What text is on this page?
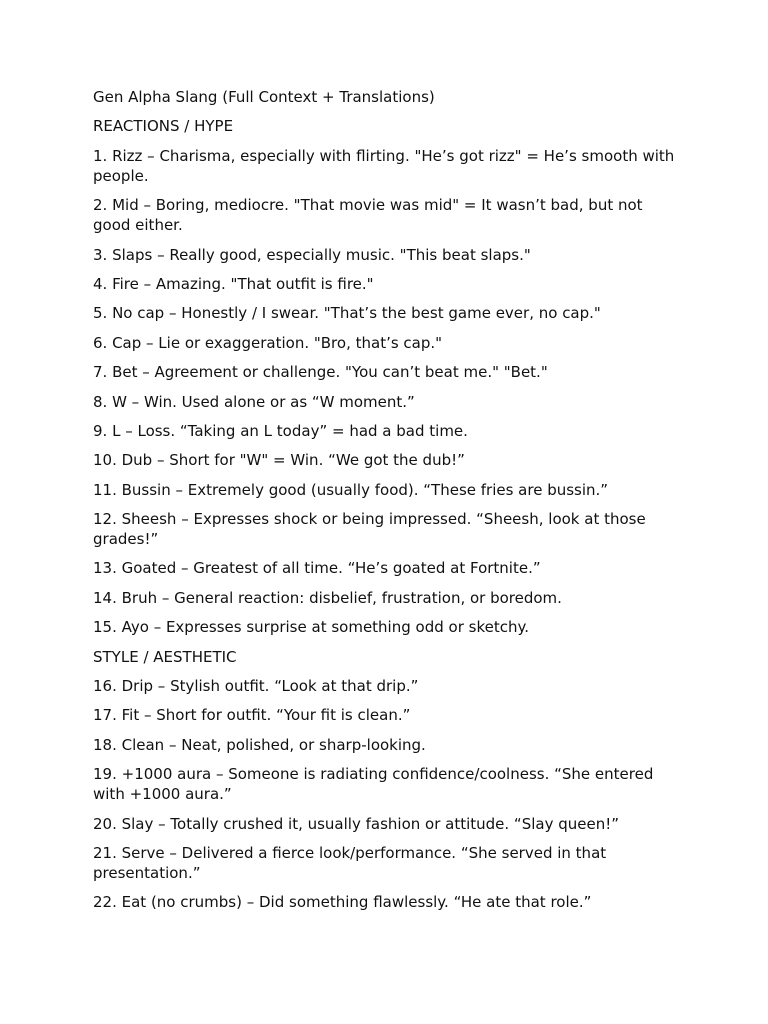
Gen Alpha Slang (Full Context + Translations)
REACTIONS / HYPE
1. Rizz – Charisma, especially with flirting. "He’s got rizz" = He’s smooth with people.
2. Mid – Boring, mediocre. "That movie was mid" = It wasn’t bad, but not good either.
3. Slaps – Really good, especially music. "This beat slaps."
4. Fire – Amazing. "That outfit is fire."
5. No cap – Honestly / I swear. "That’s the best game ever, no cap."
6. Cap – Lie or exaggeration. "Bro, that’s cap."
7. Bet – Agreement or challenge. "You can’t beat me." "Bet."
8. W – Win. Used alone or as “W moment.”
9. L – Loss. “Taking an L today” = had a bad time.
10. Dub – Short for "W" = Win. “We got the dub!”
11. Bussin – Extremely good (usually food). “These fries are bussin.”
12. Sheesh – Expresses shock or being impressed. “Sheesh, look at those grades!”
13. Goated – Greatest of all time. “He’s goated at Fortnite.”
14. Bruh – General reaction: disbelief, frustration, or boredom.
15. Ayo – Expresses surprise at something odd or sketchy.
STYLE / AESTHETIC
16. Drip – Stylish outfit. “Look at that drip.”
17. Fit – Short for outfit. “Your fit is clean.”
18. Clean – Neat, polished, or sharp-looking.
19. +1000 aura – Someone is radiating confidence/coolness. “She entered with +1000 aura.”
20. Slay – Totally crushed it, usually fashion or attitude. “Slay queen!”
21. Serve – Delivered a fierce look/performance. “She served in that presentation.”
22. Eat (no crumbs) – Did something flawlessly. “He ate that role.”
